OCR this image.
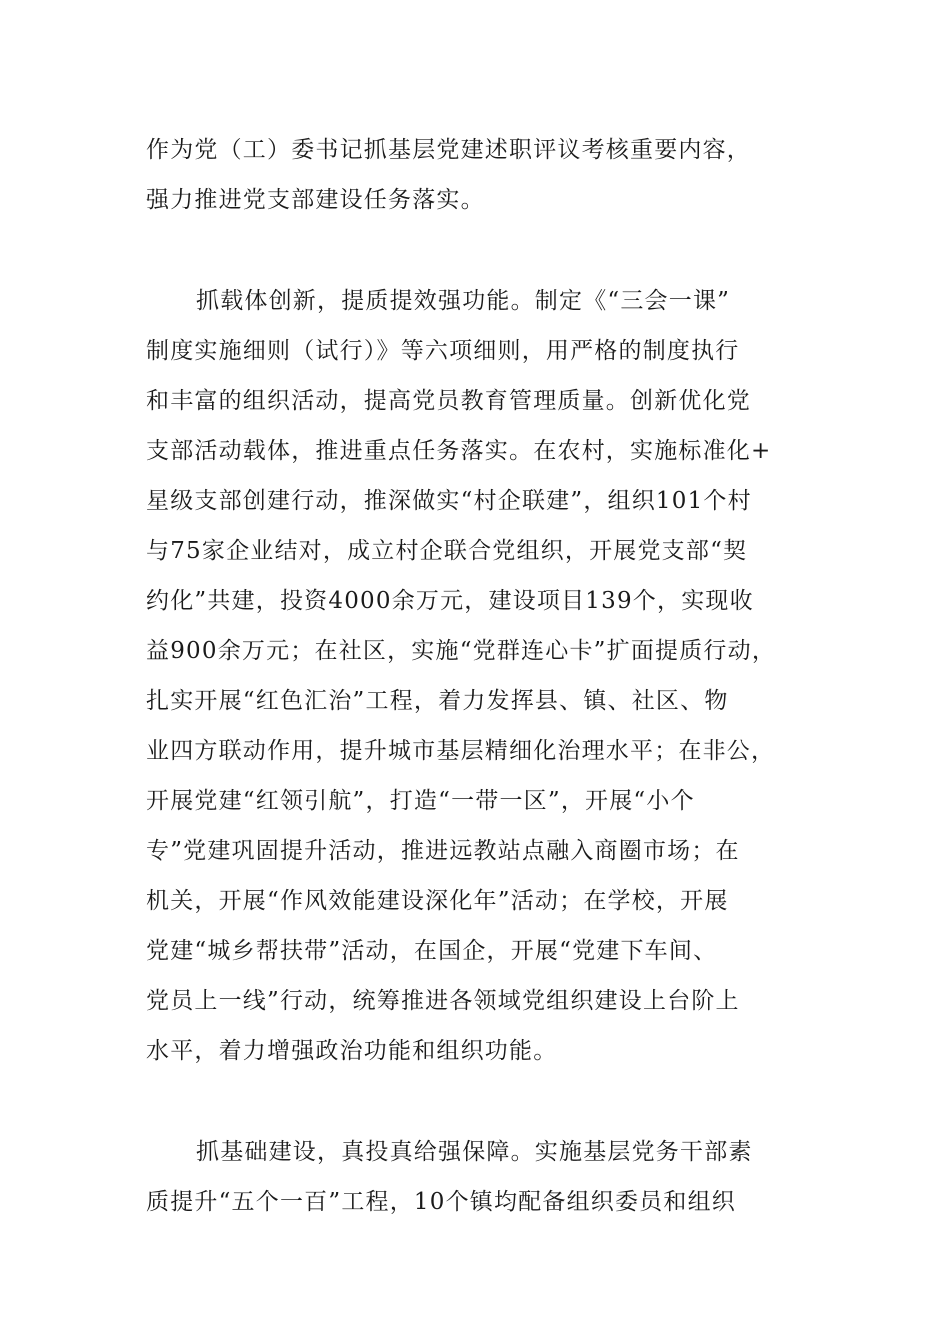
作为党（工）委书记抓基层党建述职评议考核重要内容，

强力推进党支部建设任务落实。

抓载体创新，提质提效强功能。制定《“三会一课”

制度实施细则（试行）》等六项细则，用严格的制度执行

和丰富的组织活动，提高党员教育管理质量。创新优化党

支部活动载体，推进重点任务落实。在农村，实施标准化+

星级支部创建行动，推深做实“村企联建”，组织101个村

与75家企业结对，成立村企联合党组织，开展党支部“契

约化”共建，投资4000余万元，建设项目139个，实现收

益900余万元；在社区，实施“党群连心卡”扩面提质行动，

扎实开展“红色汇治”工程，着力发挥县、镇、社区、物

业四方联动作用，提升城市基层精细化治理水平；在非公，

开展党建“红领引航”，打造“一带一区”，开展“小个

专”党建巩固提升活动，推进远教站点融入商圈市场；在

机关，开展“作风效能建设深化年”活动；在学校，开展

党建“城乡帮扶带”活动，在国企，开展“党建下车间、

党员上一线”行动，统筹推进各领域党组织建设上台阶上

水平，着力增强政治功能和组织功能。

抓基础建设，真投真给强保障。实施基层党务干部素

质提升“五个一百”工程，10个镇均配备组织委员和组织
